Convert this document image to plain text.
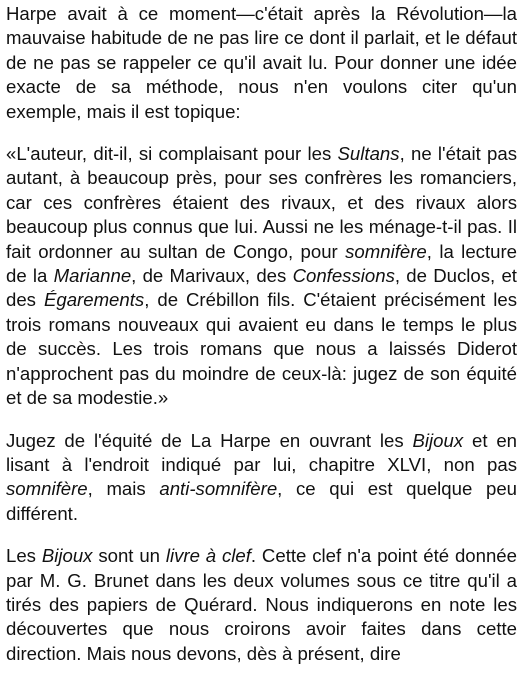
Harpe avait à ce moment—c'était après la Révolution—la mauvaise habitude de ne pas lire ce dont il parlait, et le défaut de ne pas se rappeler ce qu'il avait lu. Pour donner une idée exacte de sa méthode, nous n'en voulons citer qu'un exemple, mais il est topique:

«L'auteur, dit-il, si complaisant pour les Sultans, ne l'était pas autant, à beaucoup près, pour ses confrères les romanciers, car ces confrères étaient des rivaux, et des rivaux alors beaucoup plus connus que lui. Aussi ne les ménage-t-il pas. Il fait ordonner au sultan de Congo, pour somnifère, la lecture de la Marianne, de Marivaux, des Confessions, de Duclos, et des Égarements, de Crébillon fils. C'étaient précisément les trois romans nouveaux qui avaient eu dans le temps le plus de succès. Les trois romans que nous a laissés Diderot n'approchent pas du moindre de ceux-là: jugez de son équité et de sa modestie.»

Jugez de l'équité de La Harpe en ouvrant les Bijoux et en lisant à l'endroit indiqué par lui, chapitre XLVI, non pas somnifère, mais anti-somnifère, ce qui est quelque peu différent.

Les Bijoux sont un livre à clef. Cette clef n'a point été donnée par M. G. Brunet dans les deux volumes sous ce titre qu'il a tirés des papiers de Quérard. Nous indiquerons en note les découvertes que nous croirons avoir faites dans cette direction. Mais nous devons, dès à présent, dire
